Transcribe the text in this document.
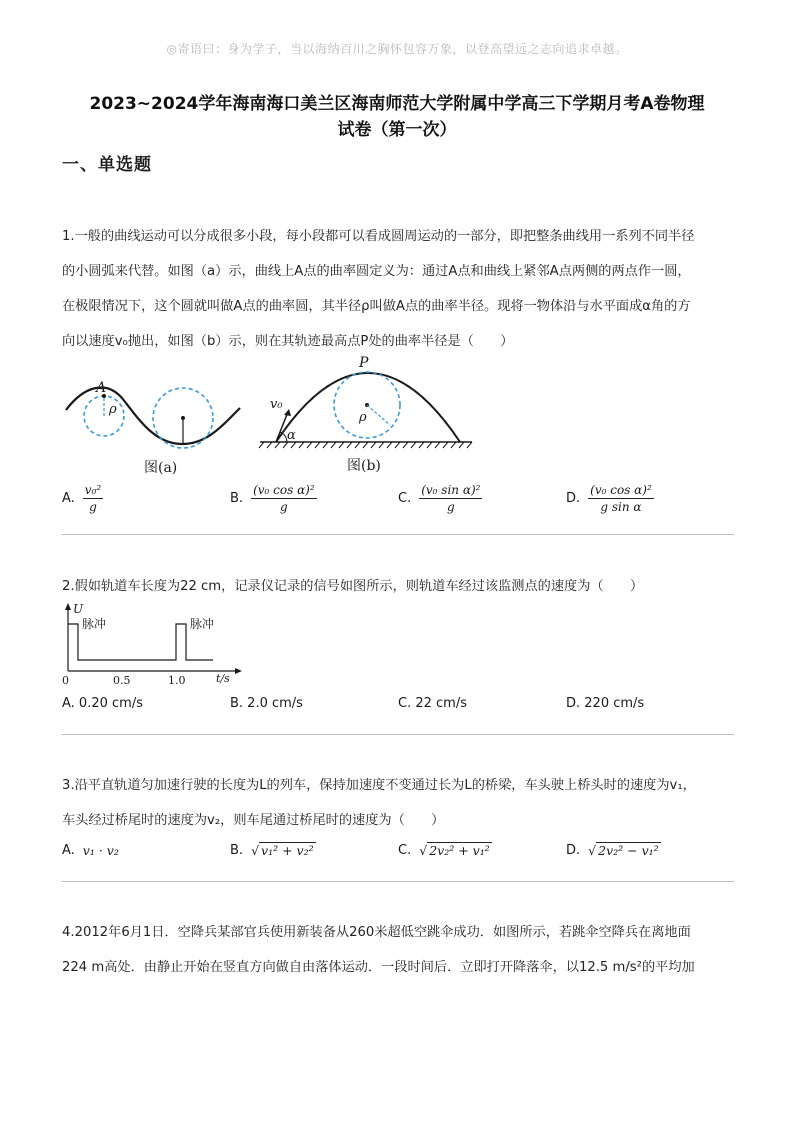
◎寄语曰：身为学子，当以海纳百川之胸怀包容万象，以登高望远之志向追求卓越。
2023~2024学年海南海口美兰区海南师范大学附属中学高三下学期月考A卷物理
试卷（第一次）
一、单选题
1.一般的曲线运动可以分成很多小段，每小段都可以看成圆周运动的一部分，即把整条曲线用一系列不同半径
的小圆弧来代替。如图（a）示，曲线上A点的曲率圆定义为：通过A点和曲线上紧邻A点两侧的两点作一圆，
在极限情况下，这个圆就叫做A点的曲率圆，其半径ρ叫做A点的曲率半径。现将一物体沿与水平面成α角的方
向以速度v₀抛出，如图（b）示，则在其轨迹最高点P处的曲率半径是（　　）
A
ρ
图(a)
α
v₀
P
ρ
图(b)
A. $\frac{\text{v₀²}}{g}$	B. $\frac{\text{(v₀ cos α)²}}{g}$	C. $\frac{\text{(v₀ sin α)²}}{g}$	D. $\frac{\text{(v₀ cos α)²}}{\text{g sin α}}$
2.假如轨道车长度为22 cm，记录仪记录的信号如图所示，则轨道车经过该监测点的速度为（　　）
U
脉冲	脉冲
0	0.5	1.0	t/s
A. 0.20 cm/s	B. 2.0 cm/s	C. 22 cm/s	D. 220 cm/s
3.沿平直轨道匀加速行驶的长度为L的列车，保持加速度不变通过长为L的桥梁，车头驶上桥头时的速度为v₁，
车头经过桥尾时的速度为v₂，则车尾通过桥尾时的速度为（　　）
A. v₁ · v₂	B. √ v₁² + v₂²	C. √ 2v₂² + v₁²	D. √ 2v₂² − v₁²
4.2012年6月1日．空降兵某部官兵使用新装备从260米超低空跳伞成功．如图所示，若跳伞空降兵在离地面
224 m高处．由静止开始在竖直方向做自由落体运动．一段时间后．立即打开降落伞，以12.5 m/s²的平均加
